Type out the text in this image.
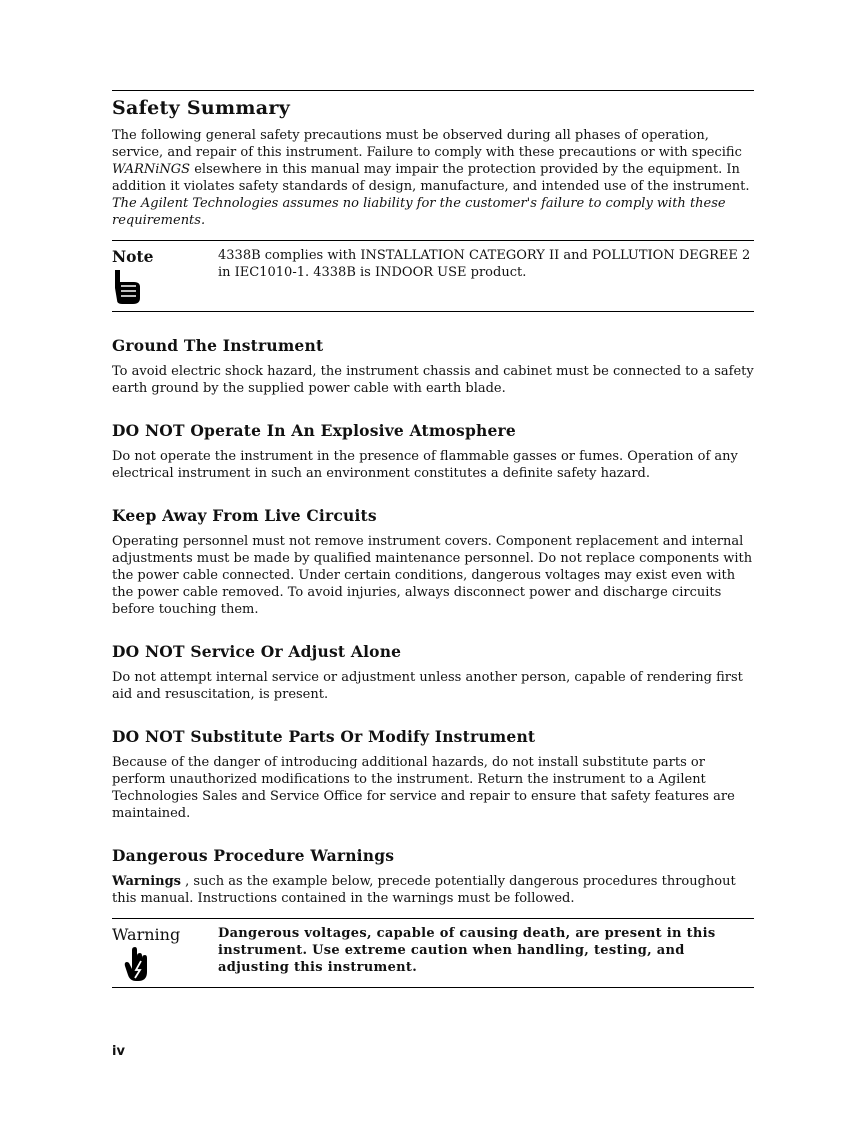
Safety Summary

The following general safety precautions must be observed during all phases of operation, service, and repair of this instrument. Failure to comply with these precautions or with specific WARNiNGS elsewhere in this manual may impair the protection provided by the equipment. In addition it violates safety standards of design, manufacture, and intended use of the instrument.

The Agilent Technologies assumes no liability for the customer's failure to comply with these requirements.

Note	4338B complies with INSTALLATION CATEGORY II and POLLUTION DEGREE 2 in IEC1010-1. 4338B is INDOOR USE product.
Ground The Instrument

To avoid electric shock hazard, the instrument chassis and cabinet must be connected to a safety earth ground by the supplied power cable with earth blade.

DO NOT Operate In An Explosive Atmosphere

Do not operate the instrument in the presence of flammable gasses or fumes. Operation of any electrical instrument in such an environment constitutes a definite safety hazard.

Keep Away From Live Circuits

Operating personnel must not remove instrument covers. Component replacement and internal adjustments must be made by qualified maintenance personnel. Do not replace components with the power cable connected. Under certain conditions, dangerous voltages may exist even with the power cable removed. To avoid injuries, always disconnect power and discharge circuits before touching them.

DO NOT Service Or Adjust Alone

Do not attempt internal service or adjustment unless another person, capable of rendering first aid and resuscitation, is present.

DO NOT Substitute Parts Or Modify Instrument

Because of the danger of introducing additional hazards, do not install substitute parts or perform unauthorized modifications to the instrument. Return the instrument to a Agilent Technologies Sales and Service Office for service and repair to ensure that safety features are maintained.

Dangerous Procedure Warnings

Warnings , such as the example below, precede potentially dangerous procedures throughout this manual. Instructions contained in the warnings must be followed.

Warning	Dangerous voltages, capable of causing death, are present in this instrument. Use extreme caution when handling, testing, and adjusting this instrument.
iv
